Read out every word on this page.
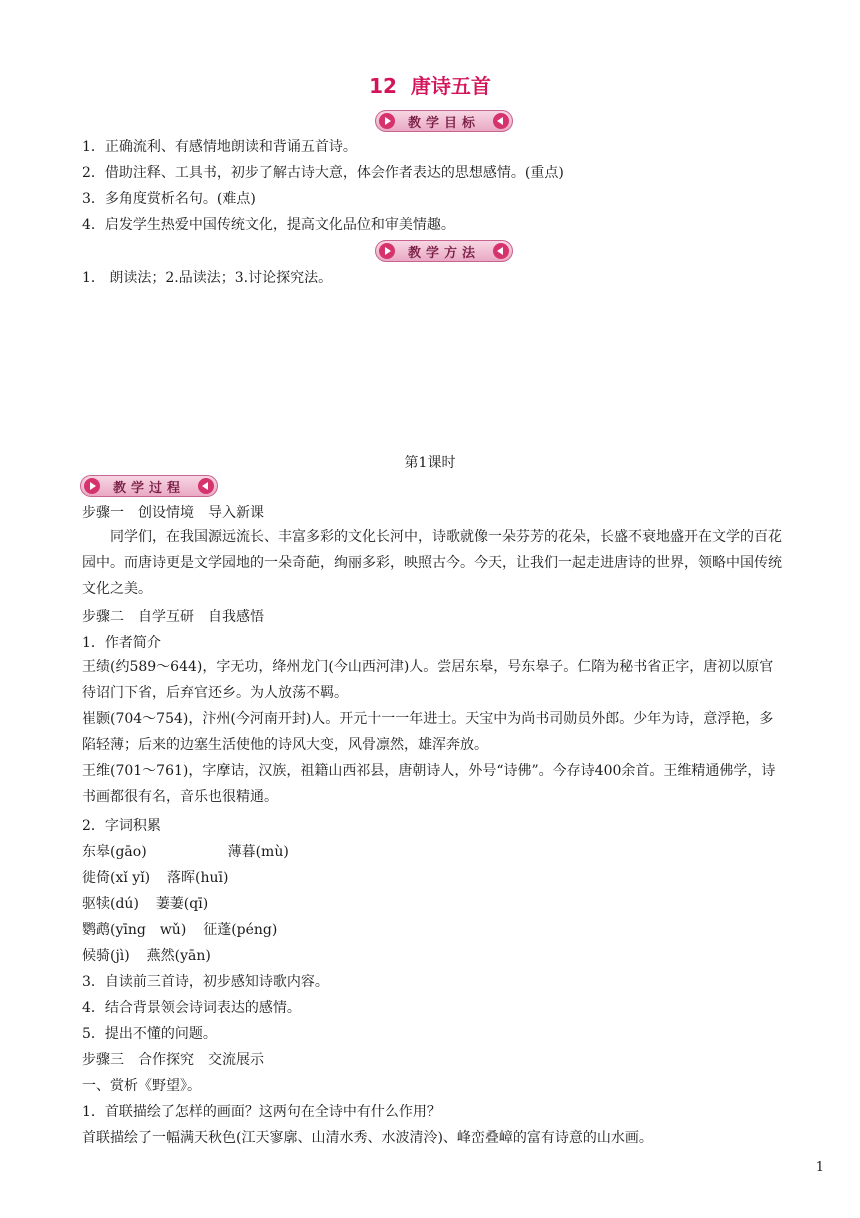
12 唐诗五首
教学目标
1．正确流利、有感情地朗读和背诵五首诗。
2．借助注释、工具书，初步了解古诗大意，体会作者表达的思想感情。(重点)
3．多角度赏析名句。(难点)
4．启发学生热爱中国传统文化，提高文化品位和审美情趣。
教学方法
1． 朗读法；2.品读法；3.讨论探究法。
第1课时
教学过程
步骤一　创设情境　导入新课
同学们，在我国源远流长、丰富多彩的文化长河中，诗歌就像一朵芬芳的花朵，长盛不衰地盛开在文学的百花园中。而唐诗更是文学园地的一朵奇葩，绚丽多彩，映照古今。今天，让我们一起走进唐诗的世界，领略中国传统文化之美。
步骤二　自学互研　自我感悟
1．作者简介
王绩(约589～644)，字无功，绛州龙门(今山西河津)人。尝居东皋，号东皋子。仁隋为秘书省正字，唐初以原官待诏门下省，后弃官还乡。为人放荡不羁。
崔颢(704～754)，汴州(今河南开封)人。开元十一一年进士。天宝中为尚书司勋员外郎。少年为诗，意浮艳，多陷轻薄；后来的边塞生活使他的诗风大变，风骨凛然，雄浑奔放。
王维(701～761)，字摩诘，汉族，祖籍山西祁县，唐朝诗人，外号“诗佛”。今存诗400余首。王维精通佛学，诗书画都很有名，音乐也很精通。
2．字词积累
东皋(gāo)	薄暮(mù)
徙倚(xǐ yǐ) 落晖(huī)
驱犊(dú) 萋萋(qī)
鹦鹉(yīng　wǔ) 征蓬(péng)
候骑(jì) 燕然(yān)
3．自读前三首诗，初步感知诗歌内容。
4．结合背景领会诗词表达的感情。
5．提出不懂的问题。
步骤三　合作探究　交流展示
一、赏析《野望》。
1．首联描绘了怎样的画面？这两句在全诗中有什么作用？
首联描绘了一幅满天秋色(江天寥廓、山清水秀、水波清泠)、峰峦叠嶂的富有诗意的山水画。
1
